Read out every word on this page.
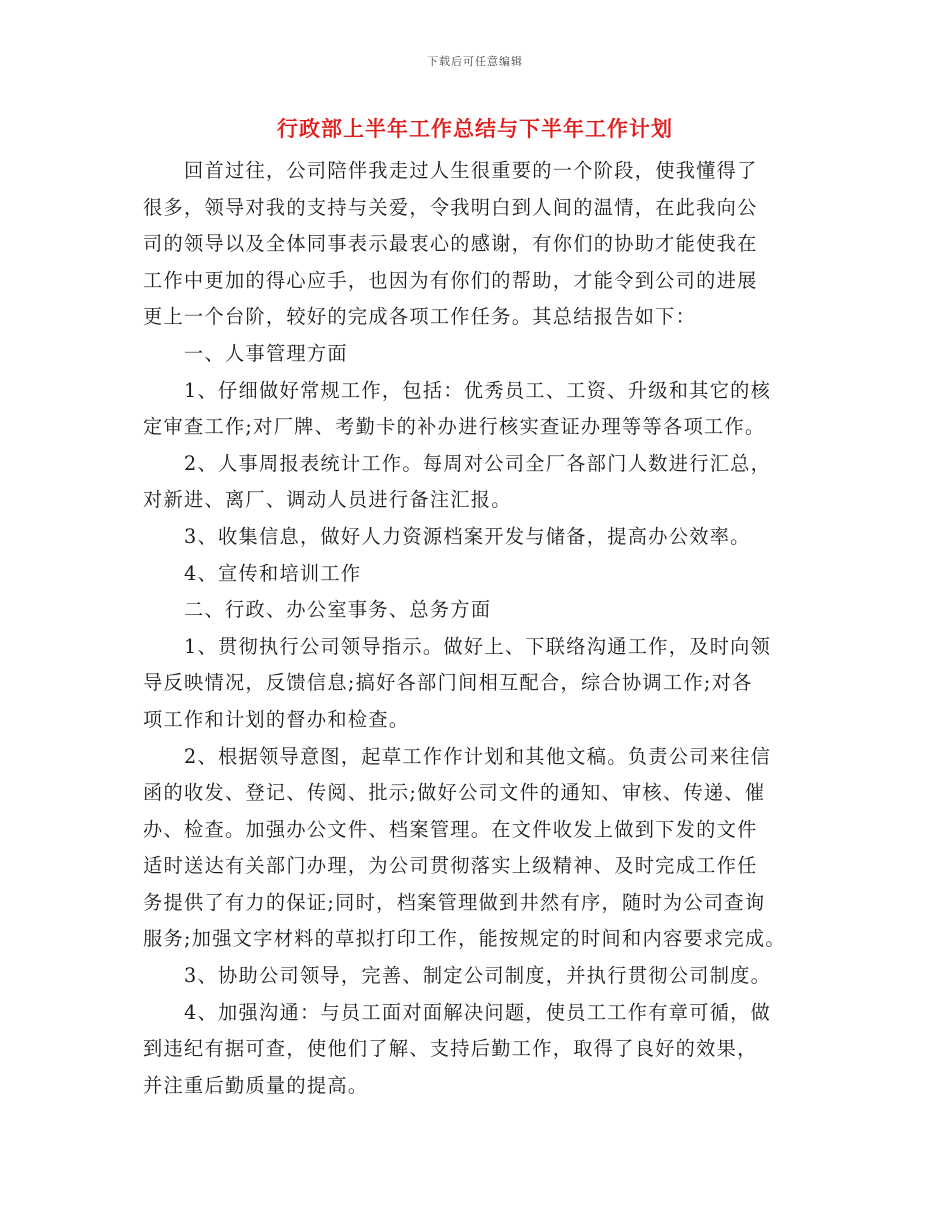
下载后可任意编辑
行政部上半年工作总结与下半年工作计划
回首过往，公司陪伴我走过人生很重要的一个阶段，使我懂得了
很多，领导对我的支持与关爱，令我明白到人间的温情，在此我向公
司的领导以及全体同事表示最衷心的感谢，有你们的协助才能使我在
工作中更加的得心应手，也因为有你们的帮助，才能令到公司的进展
更上一个台阶，较好的完成各项工作任务。其总结报告如下：
一、人事管理方面
1、仔细做好常规工作，包括：优秀员工、工资、升级和其它的核
定审查工作;对厂牌、考勤卡的补办进行核实查证办理等等各项工作。
2、人事周报表统计工作。每周对公司全厂各部门人数进行汇总，
对新进、离厂、调动人员进行备注汇报。
3、收集信息，做好人力资源档案开发与储备，提高办公效率。
4、宣传和培训工作
二、行政、办公室事务、总务方面
1、贯彻执行公司领导指示。做好上、下联络沟通工作，及时向领
导反映情况，反馈信息;搞好各部门间相互配合，综合协调工作;对各
项工作和计划的督办和检查。
2、根据领导意图，起草工作作计划和其他文稿。负责公司来往信
函的收发、登记、传阅、批示;做好公司文件的通知、审核、传递、催
办、检查。加强办公文件、档案管理。在文件收发上做到下发的文件
适时送达有关部门办理，为公司贯彻落实上级精神、及时完成工作任
务提供了有力的保证;同时，档案管理做到井然有序，随时为公司查询
服务;加强文字材料的草拟打印工作，能按规定的时间和内容要求完成。
3、协助公司领导，完善、制定公司制度，并执行贯彻公司制度。
4、加强沟通：与员工面对面解决问题，使员工工作有章可循，做
到违纪有据可查，使他们了解、支持后勤工作，取得了良好的效果，
并注重后勤质量的提高。
